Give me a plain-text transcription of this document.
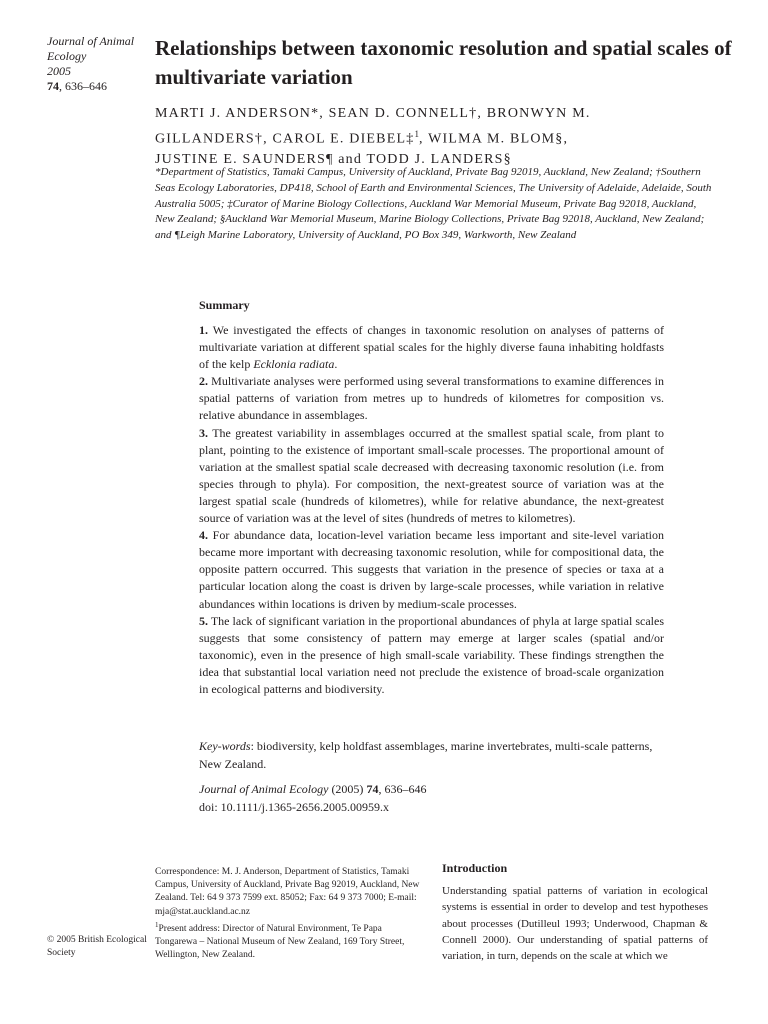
Journal of Animal Ecology
2005
74, 636–646
Relationships between taxonomic resolution and spatial scales of multivariate variation
MARTI J. ANDERSON*, SEAN D. CONNELL†, BRONWYN M.
GILLANDERS†, CAROL E. DIEBEL‡$^1$, WILMA M. BLOM§,
JUSTINE E. SAUNDERS¶ and TODD J. LANDERS§
*Department of Statistics, Tamaki Campus, University of Auckland, Private Bag 92019, Auckland, New Zealand; †Southern Seas Ecology Laboratories, DP418, School of Earth and Environmental Sciences, The University of Adelaide, Adelaide, South Australia 5005; ‡Curator of Marine Biology Collections, Auckland War Memorial Museum, Private Bag 92018, Auckland, New Zealand; §Auckland War Memorial Museum, Marine Biology Collections, Private Bag 92018, Auckland, New Zealand; and ¶Leigh Marine Laboratory, University of Auckland, PO Box 349, Warkworth, New Zealand
Summary

1. We investigated the effects of changes in taxonomic resolution on analyses of patterns of multivariate variation at different spatial scales for the highly diverse fauna inhabiting holdfasts of the kelp Ecklonia radiata.

2. Multivariate analyses were performed using several transformations to examine differences in spatial patterns of variation from metres up to hundreds of kilometres for composition vs. relative abundance in assemblages.

3. The greatest variability in assemblages occurred at the smallest spatial scale, from plant to plant, pointing to the existence of important small-scale processes. The proportional amount of variation at the smallest spatial scale decreased with decreasing taxonomic resolution (i.e. from species through to phyla). For composition, the next-greatest source of variation was at the largest spatial scale (hundreds of kilometres), while for relative abundance, the next-greatest source of variation was at the level of sites (hundreds of metres to kilometres).

4. For abundance data, location-level variation became less important and site-level variation became more important with decreasing taxonomic resolution, while for compositional data, the opposite pattern occurred. This suggests that variation in the presence of species or taxa at a particular location along the coast is driven by large-scale processes, while variation in relative abundances within locations is driven by medium-scale processes.

5. The lack of significant variation in the proportional abundances of phyla at large spatial scales suggests that some consistency of pattern may emerge at larger scales (spatial and/or taxonomic), even in the presence of high small-scale variability. These findings strengthen the idea that substantial local variation need not preclude the existence of broad-scale organization in ecological patterns and biodiversity.

Key-words: biodiversity, kelp holdfast assemblages, marine invertebrates, multi-scale patterns, New Zealand.
Journal of Animal Ecology (2005) 74, 636–646
doi: 10.1111/j.1365-2656.2005.00959.x
Correspondence: M. J. Anderson, Department of Statistics, Tamaki Campus, University of Auckland, Private Bag 92019, Auckland, New Zealand. Tel: 64 9 373 7599 ext. 85052; Fax: 64 9 373 7000; E-mail: mja@stat.auckland.ac.nz
$^1$Present address: Director of Natural Environment, Te Papa Tongarewa – National Museum of New Zealand, 169 Tory Street, Wellington, New Zealand.
© 2005 British Ecological Society
Introduction
Understanding spatial patterns of variation in ecological systems is essential in order to develop and test hypotheses about processes (Dutilleul 1993; Underwood, Chapman & Connell 2000). Our understanding of spatial patterns of variation, in turn, depends on the scale at which we
